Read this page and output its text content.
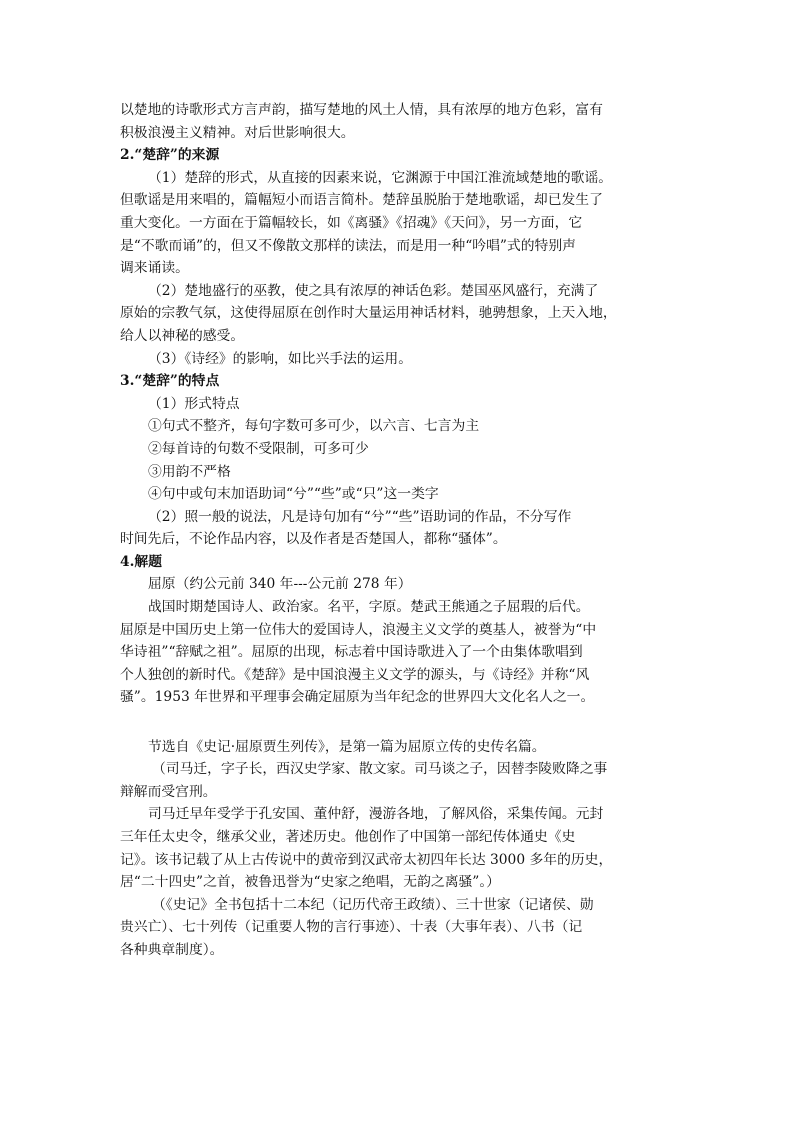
以楚地的诗歌形式方言声韵，描写楚地的风土人情，具有浓厚的地方色彩，富有

积极浪漫主义精神。对后世影响很大。

2.“楚辞”的来源

（1）楚辞的形式，从直接的因素来说，它渊源于中国江淮流域楚地的歌谣。

但歌谣是用来唱的，篇幅短小而语言简朴。楚辞虽脱胎于楚地歌谣，却已发生了

重大变化。一方面在于篇幅较长，如《离骚》《招魂》《天问》，另一方面，它

是“不歌而诵”的，但又不像散文那样的读法，而是用一种“吟唱”式的特别声

调来诵读。

（2）楚地盛行的巫教，使之具有浓厚的神话色彩。楚国巫风盛行，充满了

原始的宗教气氛，这使得屈原在创作时大量运用神话材料，驰骋想象，上天入地，

给人以神秘的感受。

（3）《诗经》的影响，如比兴手法的运用。

3.“楚辞”的特点

（1）形式特点

①句式不整齐，每句字数可多可少，以六言、七言为主

②每首诗的句数不受限制，可多可少

③用韵不严格

④句中或句末加语助词“兮”“些”或“只”这一类字

（2）照一般的说法，凡是诗句加有“兮”“些”语助词的作品，不分写作

时间先后，不论作品内容，以及作者是否楚国人，都称“骚体”。

4.解题

屈原（约公元前 340 年---公元前 278 年）

战国时期楚国诗人、政治家。名平，字原。楚武王熊通之子屈瑕的后代。

屈原是中国历史上第一位伟大的爱国诗人，浪漫主义文学的奠基人，被誉为“中

华诗祖”“辞赋之祖”。屈原的出现，标志着中国诗歌进入了一个由集体歌唱到

个人独创的新时代。《楚辞》是中国浪漫主义文学的源头，与《诗经》并称“风

骚”。1953 年世界和平理事会确定屈原为当年纪念的世界四大文化名人之一。

节选自《史记·屈原贾生列传》，是第一篇为屈原立传的史传名篇。

（司马迁，字子长，西汉史学家、散文家。司马谈之子，因替李陵败降之事

辩解而受宫刑。

司马迁早年受学于孔安国、董仲舒，漫游各地，了解风俗，采集传闻。元封

三年任太史令，继承父业，著述历史。他创作了中国第一部纪传体通史《史

记》。该书记载了从上古传说中的黄帝到汉武帝太初四年长达 3000 多年的历史，

居“二十四史”之首，被鲁迅誉为“史家之绝唱，无韵之离骚”。）

（《史记》全书包括十二本纪（记历代帝王政绩）、三十世家（记诸侯、勋

贵兴亡）、七十列传（记重要人物的言行事迹）、十表（大事年表）、八书（记

各种典章制度）。
